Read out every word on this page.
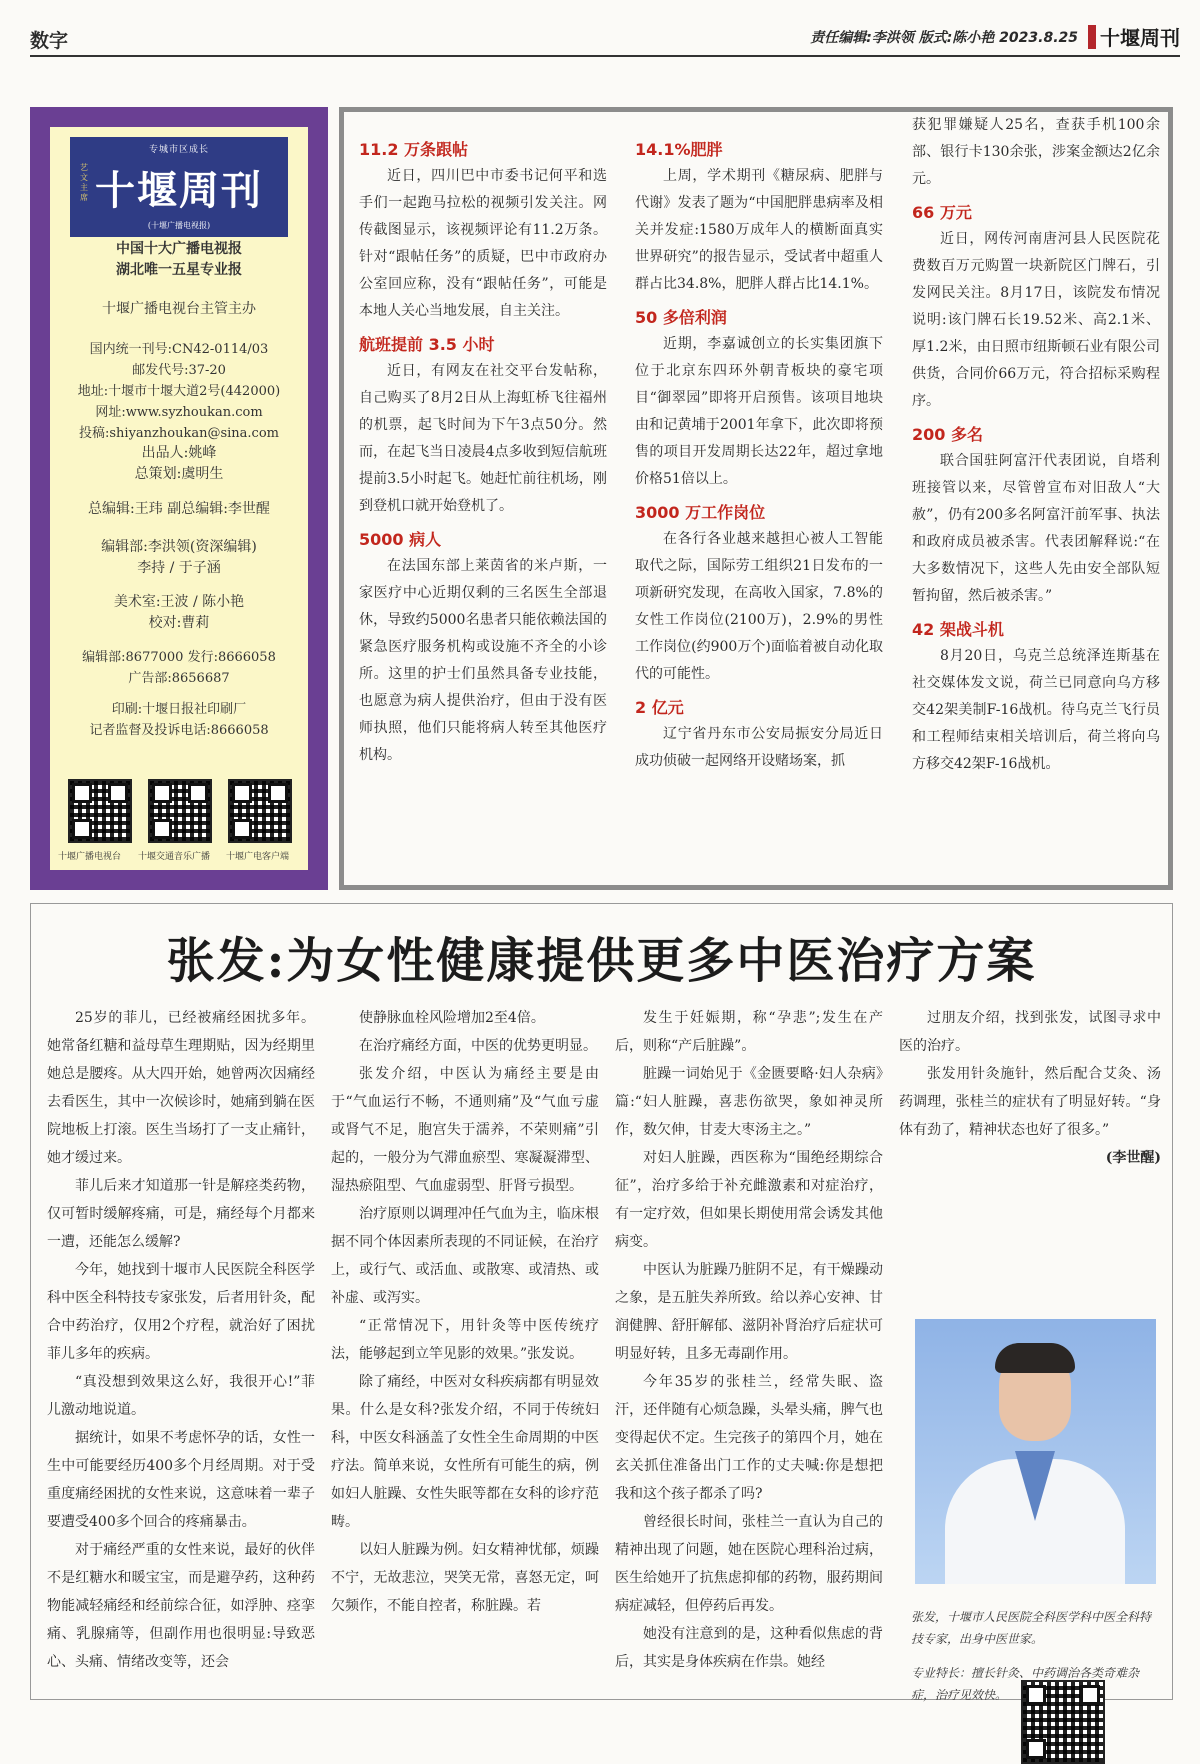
数字	责任编辑:李洪领 版式:陈小艳 2023.8.25 十堰周刊
专城市区成长
艺文主席 十堰周刊
(十堰广播电视报)
中国十大广播电视报
湖北唯一五星专业报
十堰广播电视台主管主办
国内统一刊号:CN42-0114/03
邮发代号:37-20
地址:十堰市十堰大道2号(442000)
网址:www.syzhoukan.com
投稿:shiyanzhoukan@sina.com
出品人:姚峰
总策划:虞明生
总编辑:王玮 副总编辑:李世醒
编辑部:李洪领(资深编辑)
李持 / 于子涵
美术室:王波 / 陈小艳
校对:曹莉
编辑部:8677000 发行:8666058
广告部:8656687
印刷:十堰日报社印刷厂
记者监督及投诉电话:8666058
十堰广播电视台 十堰交通音乐广播 十堰广电客户端
11.2 万条跟帖

近日，四川巴中市委书记何平和选手们一起跑马拉松的视频引发关注。网传截图显示，该视频评论有11.2万条。针对“跟帖任务”的质疑，巴中市政府办公室回应称，没有“跟帖任务”，可能是本地人关心当地发展，自主关注。

航班提前 3.5 小时

近日，有网友在社交平台发帖称，自己购买了8月2日从上海虹桥飞往福州的机票，起飞时间为下午3点50分。然而，在起飞当日凌晨4点多收到短信航班提前3.5小时起飞。她赶忙前往机场，刚到登机口就开始登机了。

5000 病人

在法国东部上莱茵省的米卢斯，一家医疗中心近期仅剩的三名医生全部退休，导致约5000名患者只能依赖法国的紧急医疗服务机构或设施不齐全的小诊所。这里的护士们虽然具备专业技能，也愿意为病人提供治疗，但由于没有医师执照，他们只能将病人转至其他医疗机构。

14.1%肥胖

上周，学术期刊《糖尿病、肥胖与代谢》发表了题为“中国肥胖患病率及相关并发症:1580万成年人的横断面真实世界研究”的报告显示，受试者中超重人群占比34.8%，肥胖人群占比14.1%。

50 多倍利润

近期，李嘉诚创立的长实集团旗下位于北京东四环外朝青板块的豪宅项目“御翠园”即将开启预售。该项目地块由和记黄埔于2001年拿下，此次即将预售的项目开发周期长达22年，超过拿地价格51倍以上。

3000 万工作岗位

在各行各业越来越担心被人工智能取代之际，国际劳工组织21日发布的一项新研究发现，在高收入国家，7.8%的女性工作岗位(2100万)，2.9%的男性工作岗位(约900万个)面临着被自动化取代的可能性。

2 亿元

辽宁省丹东市公安局振安分局近日成功侦破一起网络开设赌场案，抓

获犯罪嫌疑人25名，查获手机100余部、银行卡130余张，涉案金额达2亿余元。

66 万元

近日，网传河南唐河县人民医院花费数百万元购置一块新院区门牌石，引发网民关注。8月17日，该院发布情况说明:该门牌石长19.52米、高2.1米、厚1.2米，由日照市纽斯顿石业有限公司供货，合同价66万元，符合招标采购程序。

200 多名

联合国驻阿富汗代表团说，自塔利班接管以来，尽管曾宣布对旧敌人“大赦”，仍有200多名阿富汗前军事、执法和政府成员被杀害。代表团解释说:“在大多数情况下，这些人先由安全部队短暂拘留，然后被杀害。”

42 架战斗机

8月20日，乌克兰总统泽连斯基在社交媒体发文说，荷兰已同意向乌方移交42架美制F-16战机。待乌克兰飞行员和工程师结束相关培训后，荷兰将向乌方移交42架F-16战机。

张发:为女性健康提供更多中医治疗方案

25岁的菲儿，已经被痛经困扰多年。她常备红糖和益母草生理期贴，因为经期里她总是腰疼。从大四开始，她曾两次因痛经去看医生，其中一次候诊时，她痛到躺在医院地板上打滚。医生当场打了一支止痛针，她才缓过来。

菲儿后来才知道那一针是解痉类药物，仅可暂时缓解疼痛，可是，痛经每个月都来一遭，还能怎么缓解?

今年，她找到十堰市人民医院全科医学科中医全科特技专家张发，后者用针灸，配合中药治疗，仅用2个疗程，就治好了困扰菲儿多年的疾病。

“真没想到效果这么好，我很开心!”菲儿激动地说道。

据统计，如果不考虑怀孕的话，女性一生中可能要经历400多个月经周期。对于受重度痛经困扰的女性来说，这意味着一辈子要遭受400多个回合的疼痛暴击。

对于痛经严重的女性来说，最好的伙伴不是红糖水和暖宝宝，而是避孕药，这种药物能减轻痛经和经前综合征，如浮肿、痉挛痛、乳腺痛等，但副作用也很明显:导致恶心、头痛、情绪改变等，还会

使静脉血栓风险增加2至4倍。

在治疗痛经方面，中医的优势更明显。

张发介绍，中医认为痛经主要是由于“气血运行不畅，不通则痛”及“气血亏虚或肾气不足，胞宫失于濡养，不荣则痛”引起的，一般分为气滞血瘀型、寒凝凝滞型、湿热瘀阻型、气血虚弱型、肝肾亏损型。

治疗原则以调理冲任气血为主，临床根据不同个体因素所表现的不同证候，在治疗上，或行气、或活血、或散寒、或清热、或补虚、或泻实。

“正常情况下，用针灸等中医传统疗法，能够起到立竿见影的效果。”张发说。

除了痛经，中医对女科疾病都有明显效果。什么是女科?张发介绍，不同于传统妇科，中医女科涵盖了女性全生命周期的中医疗法。简单来说，女性所有可能生的病，例如妇人脏躁、女性失眠等都在女科的诊疗范畴。

以妇人脏躁为例。妇女精神忧郁，烦躁不宁，无故悲泣，哭笑无常，喜怒无定，呵欠频作，不能自控者，称脏躁。若

发生于妊娠期，称“孕悲”;发生在产后，则称“产后脏躁”。

脏躁一词始见于《金匮要略·妇人杂病》篇:“妇人脏躁，喜悲伤欲哭，象如神灵所作，数欠伸，甘麦大枣汤主之。”

对妇人脏躁，西医称为“围绝经期综合征”，治疗多给于补充雌激素和对症治疗，有一定疗效，但如果长期使用常会诱发其他病变。

中医认为脏躁乃脏阴不足，有干燥躁动之象，是五脏失养所致。给以养心安神、甘润健脾、舒肝解郁、滋阴补肾治疗后症状可明显好转，且多无毒副作用。

今年35岁的张桂兰，经常失眠、盗汗，还伴随有心烦急躁，头晕头痛，脾气也变得起伏不定。生完孩子的第四个月，她在玄关抓住准备出门工作的丈夫喊:你是想把我和这个孩子都杀了吗?

曾经很长时间，张桂兰一直认为自己的精神出现了问题，她在医院心理科治过病，医生给她开了抗焦虑抑郁的药物，服药期间病症减轻，但停药后再发。

她没有注意到的是，这种看似焦虑的背后，其实是身体疾病在作祟。她经

过朋友介绍，找到张发，试图寻求中医的治疗。

张发用针灸施针，然后配合艾灸、汤药调理，张桂兰的症状有了明显好转。“身体有劲了，精神状态也好了很多。”

(李世醒)

张发，十堰市人民医院全科医学科中医全科特技专家，出身中医世家。

专业特长：擅长针灸、中药调治各类奇难杂症，治疗见效快。
